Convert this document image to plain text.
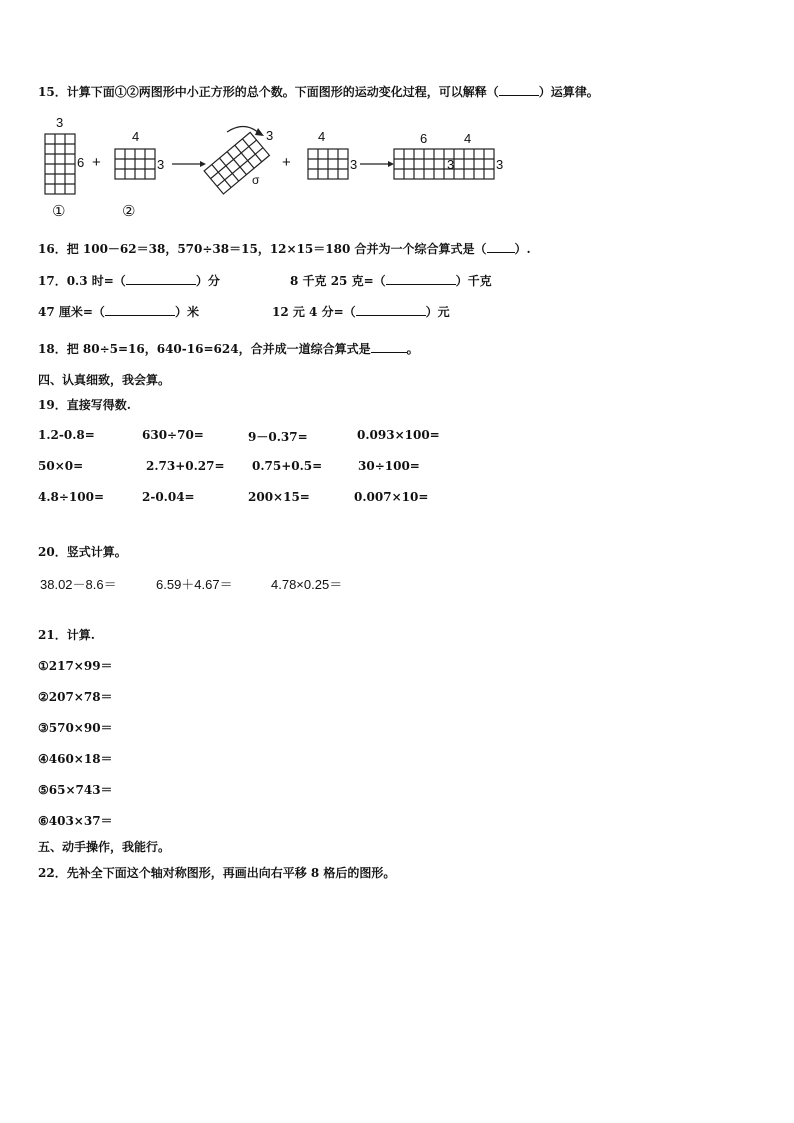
15．计算下面①②两图形中小正方形的总个数。下面图形的运动变化过程，可以解释（	）运算律。
3
6
①
+
4
3
②
3
σ
+
4
3
6	4
3	3
16．把 100－62＝38，570÷38＝15，12×15＝180 合并为一个综合算式是（ ）.
17．0.3 时=（	）分	8 千克 25 克=（	）千克
47 厘米=（	）米	12 元 4 分=（	）元
18．把 80÷5=16，640-16=624，合并成一道综合算式是	。
四、认真细致，我会算。
19．直接写得数.
1.2-0.8=	630÷70=	9－0.37=	0.093×100=
50×0=	2.73+0.27= 0.75+0.5=	30÷100=
4.8÷100=	2-0.04=	200×15=	0.007×10=
20．竖式计算。
38.02－8.6＝	6.59＋4.67＝	4.78×0.25＝
21．计算.
①217×99＝
②207×78＝
③570×90＝
④460×18＝
⑤65×743＝
⑥403×37＝
五、动手操作，我能行。
22．先补全下面这个轴对称图形，再画出向右平移 8 格后的图形。
